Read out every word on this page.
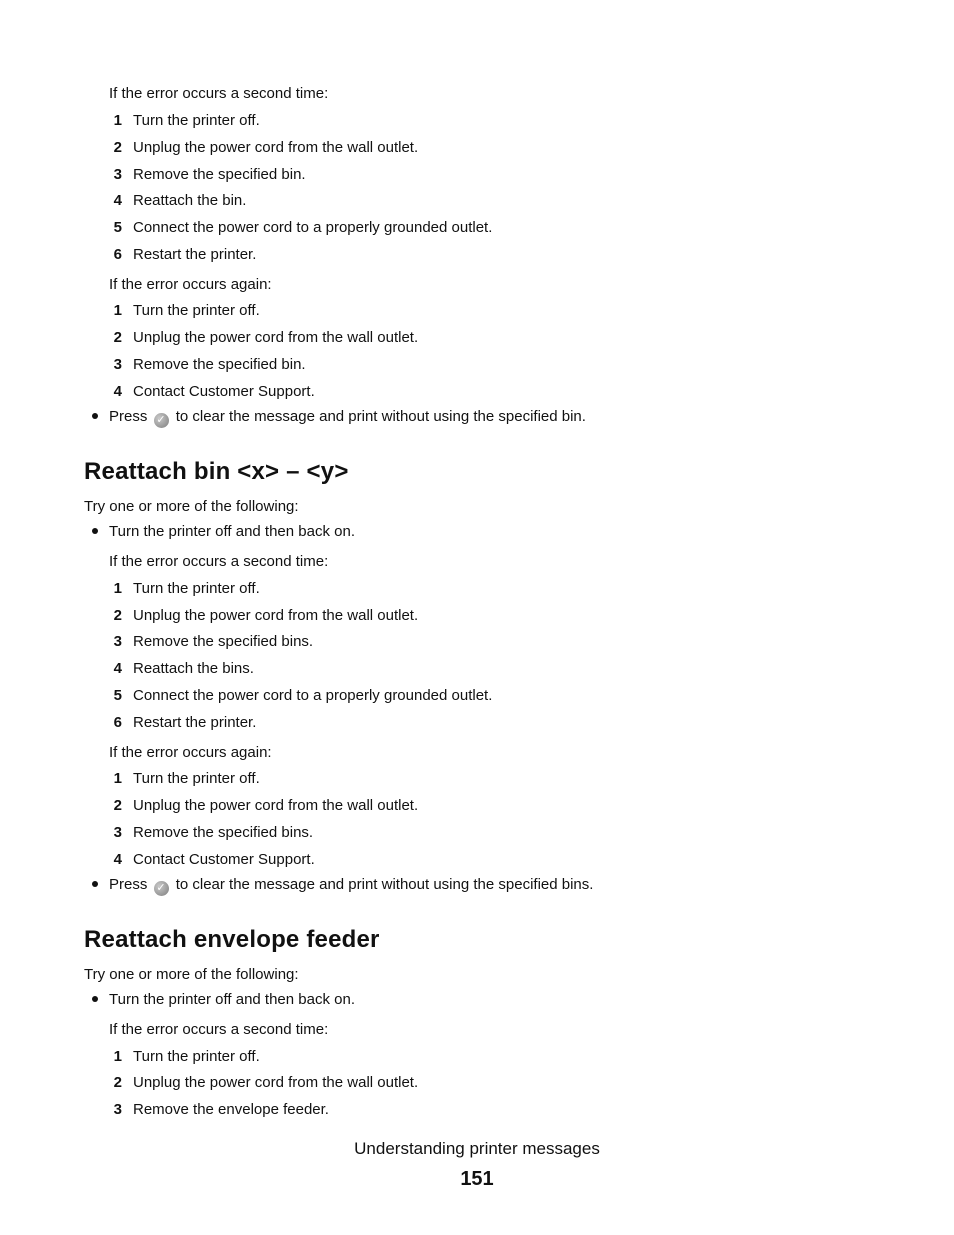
If the error occurs a second time:
1 Turn the printer off.
2 Unplug the power cord from the wall outlet.
3 Remove the specified bin.
4 Reattach the bin.
5 Connect the power cord to a properly grounded outlet.
6 Restart the printer.
If the error occurs again:
1 Turn the printer off.
2 Unplug the power cord from the wall outlet.
3 Remove the specified bin.
4 Contact Customer Support.
Press ✓ to clear the message and print without using the specified bin.
Reattach bin <x> – <y>
Try one or more of the following:
Turn the printer off and then back on.
If the error occurs a second time:
1 Turn the printer off.
2 Unplug the power cord from the wall outlet.
3 Remove the specified bins.
4 Reattach the bins.
5 Connect the power cord to a properly grounded outlet.
6 Restart the printer.
If the error occurs again:
1 Turn the printer off.
2 Unplug the power cord from the wall outlet.
3 Remove the specified bins.
4 Contact Customer Support.
Press ✓ to clear the message and print without using the specified bins.
Reattach envelope feeder
Try one or more of the following:
Turn the printer off and then back on.
If the error occurs a second time:
1 Turn the printer off.
2 Unplug the power cord from the wall outlet.
3 Remove the envelope feeder.
Understanding printer messages
151
